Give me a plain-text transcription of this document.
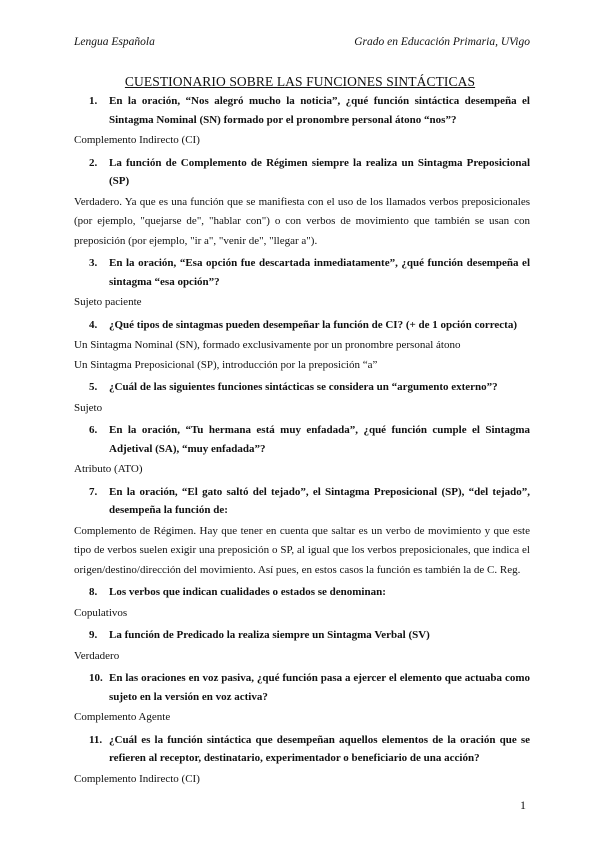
Lengua Española	Grado en Educación Primaria, UVigo
CUESTIONARIO SOBRE LAS FUNCIONES SINTÁCTICAS
1. En la oración, “Nos alegró mucho la noticia”, ¿qué función sintáctica desempeña el Sintagma Nominal (SN) formado por el pronombre personal átono “nos”?
Complemento Indirecto (CI)
2. La función de Complemento de Régimen siempre la realiza un Sintagma Preposicional (SP)
Verdadero. Ya que es una función que se manifiesta con el uso de los llamados verbos preposicionales (por ejemplo, "quejarse de", "hablar con") o con verbos de movimiento que también se usan con preposición (por ejemplo, "ir a", "venir de", "llegar a").
3. En la oración, “Esa opción fue descartada inmediatamente”, ¿qué función desempeña el sintagma “esa opción”?
Sujeto paciente
4. ¿Qué tipos de sintagmas pueden desempeñar la función de CI? (+ de 1 opción correcta)
Un Sintagma Nominal (SN), formado exclusivamente por un pronombre personal átono
Un Sintagma Preposicional (SP), introducción por la preposición “a”
5. ¿Cuál de las siguientes funciones sintácticas se considera un “argumento externo”?
Sujeto
6. En la oración, “Tu hermana está muy enfadada”, ¿qué función cumple el Sintagma Adjetival (SA), “muy enfadada”?
Atributo (ATO)
7. En la oración, “El gato saltó del tejado”, el Sintagma Preposicional (SP), “del tejado”, desempeña la función de:
Complemento de Régimen. Hay que tener en cuenta que saltar es un verbo de movimiento y que este tipo de verbos suelen exigir una preposición o SP, al igual que los verbos preposicionales, que indica el origen/destino/dirección del movimiento. Así pues, en estos casos la función es también la de C. Reg.
8. Los verbos que indican cualidades o estados se denominan:
Copulativos
9. La función de Predicado la realiza siempre un Sintagma Verbal (SV)
Verdadero
10. En las oraciones en voz pasiva, ¿qué función pasa a ejercer el elemento que actuaba como sujeto en la versión en voz activa?
Complemento Agente
11. ¿Cuál es la función sintáctica que desempeñan aquellos elementos de la oración que se refieren al receptor, destinatario, experimentador o beneficiario de una acción?
Complemento Indirecto (CI)
1
